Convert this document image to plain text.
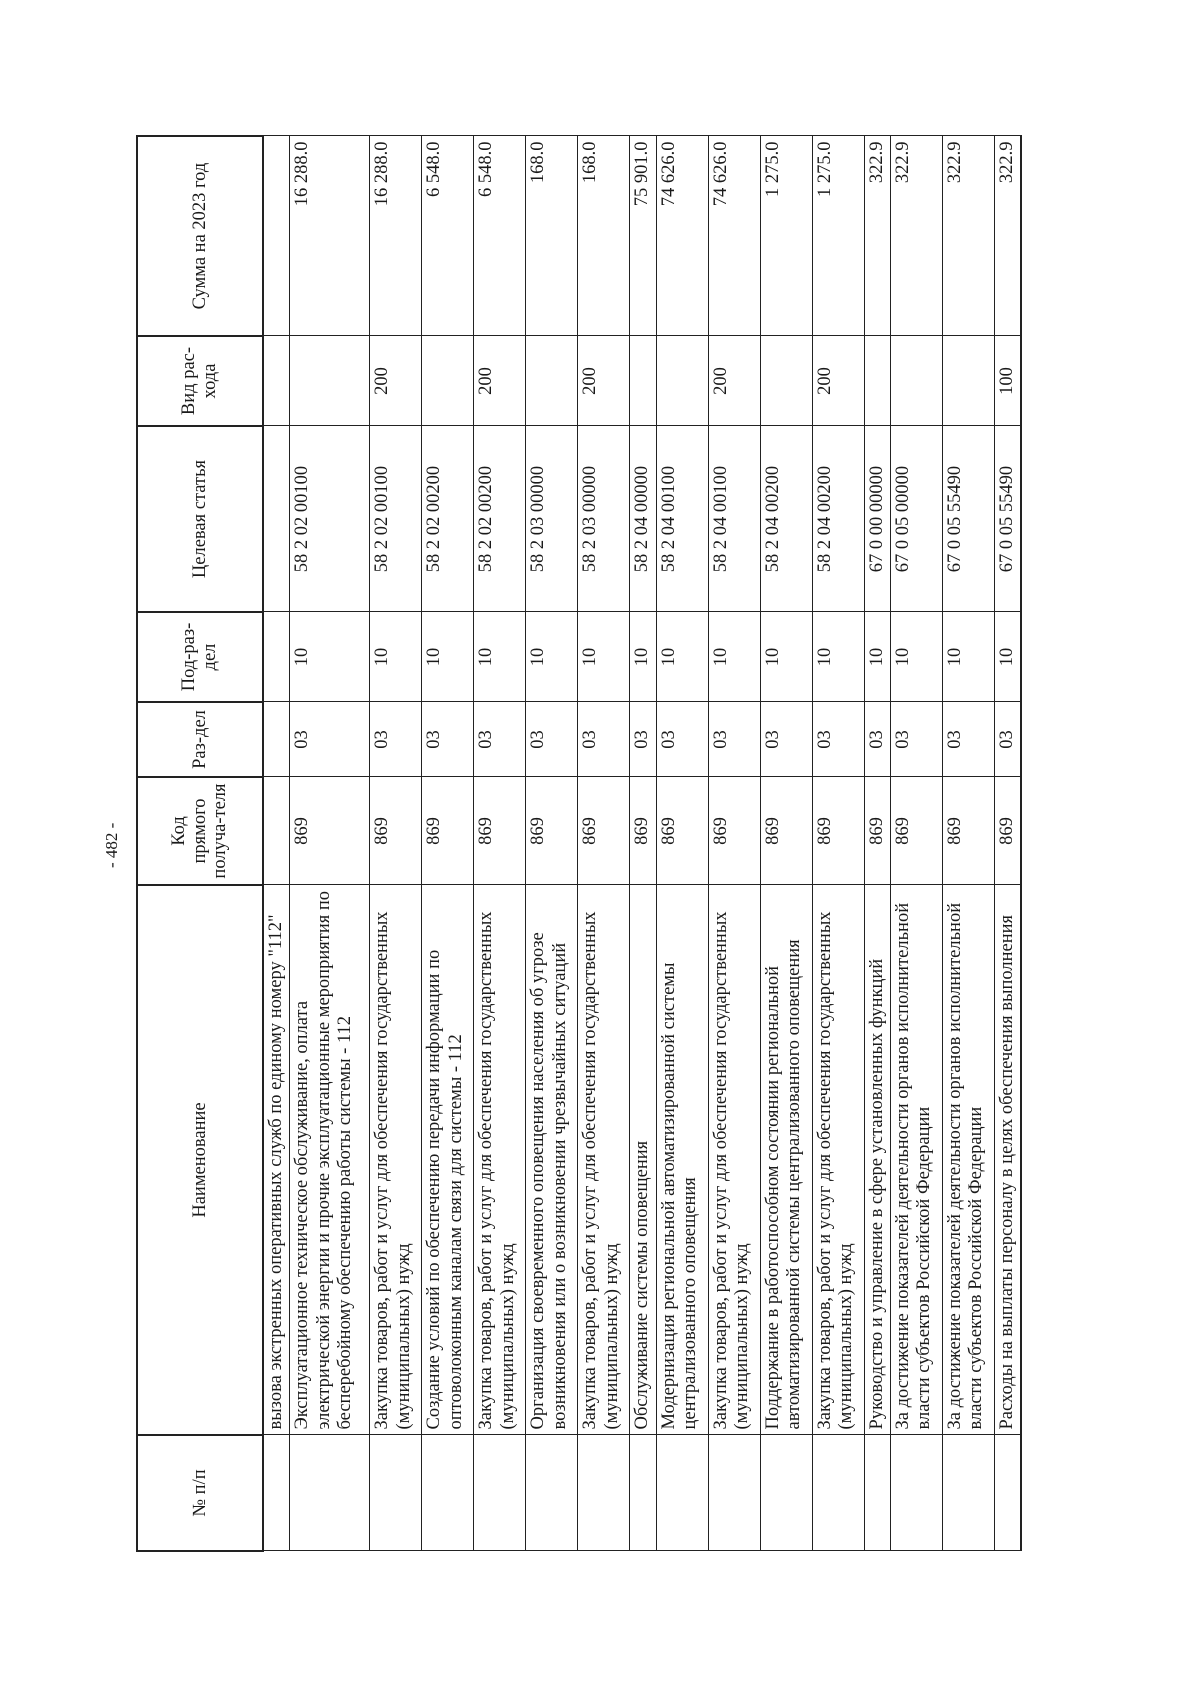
- 482 -
№ п/п	Наименование	Код прямого получа-теля	Раз-дел	Под-раз-дел	Целевая статья	Вид рас-хода	Сумма на 2023 год
	вызова экстренных оперативных служб по единому номеру "112"						
	Эксплуатационное техническое обслуживание, оплата электрической энергии и прочие эксплуатационные мероприятия по бесперебойному обеспечению работы системы - 112	869	03	10	58 2 02 00100		16 288.0
	Закупка товаров, работ и услуг для обеспечения государственных (муниципальных) нужд	869	03	10	58 2 02 00100	200	16 288.0
	Создание условий по обеспечению передачи информации по оптоволоконным каналам связи для системы - 112	869	03	10	58 2 02 00200		6 548.0
	Закупка товаров, работ и услуг для обеспечения государственных (муниципальных) нужд	869	03	10	58 2 02 00200	200	6 548.0
	Организация своевременного оповещения населения об угрозе возникновения или о возникновении чрезвычайных ситуаций	869	03	10	58 2 03 00000		168.0
	Закупка товаров, работ и услуг для обеспечения государственных (муниципальных) нужд	869	03	10	58 2 03 00000	200	168.0
	Обслуживание системы оповещения	869	03	10	58 2 04 00000		75 901.0
	Модернизация региональной автоматизированной системы централизованного оповещения	869	03	10	58 2 04 00100		74 626.0
	Закупка товаров, работ и услуг для обеспечения государственных (муниципальных) нужд	869	03	10	58 2 04 00100	200	74 626.0
	Поддержание в работоспособном состоянии региональной автоматизированной системы централизованного оповещения	869	03	10	58 2 04 00200		1 275.0
	Закупка товаров, работ и услуг для обеспечения государственных (муниципальных) нужд	869	03	10	58 2 04 00200	200	1 275.0
	Руководство и управление в сфере установленных функций	869	03	10	67 0 00 00000		322.9
	За достижение показателей деятельности органов исполнительной власти субъектов Российской Федерации	869	03	10	67 0 05 00000		322.9
	За достижение показателей деятельности органов исполнительной власти субъектов Российской Федерации	869	03	10	67 0 05 55490		322.9
	Расходы на выплаты персоналу в целях обеспечения выполнения	869	03	10	67 0 05 55490	100	322.9
